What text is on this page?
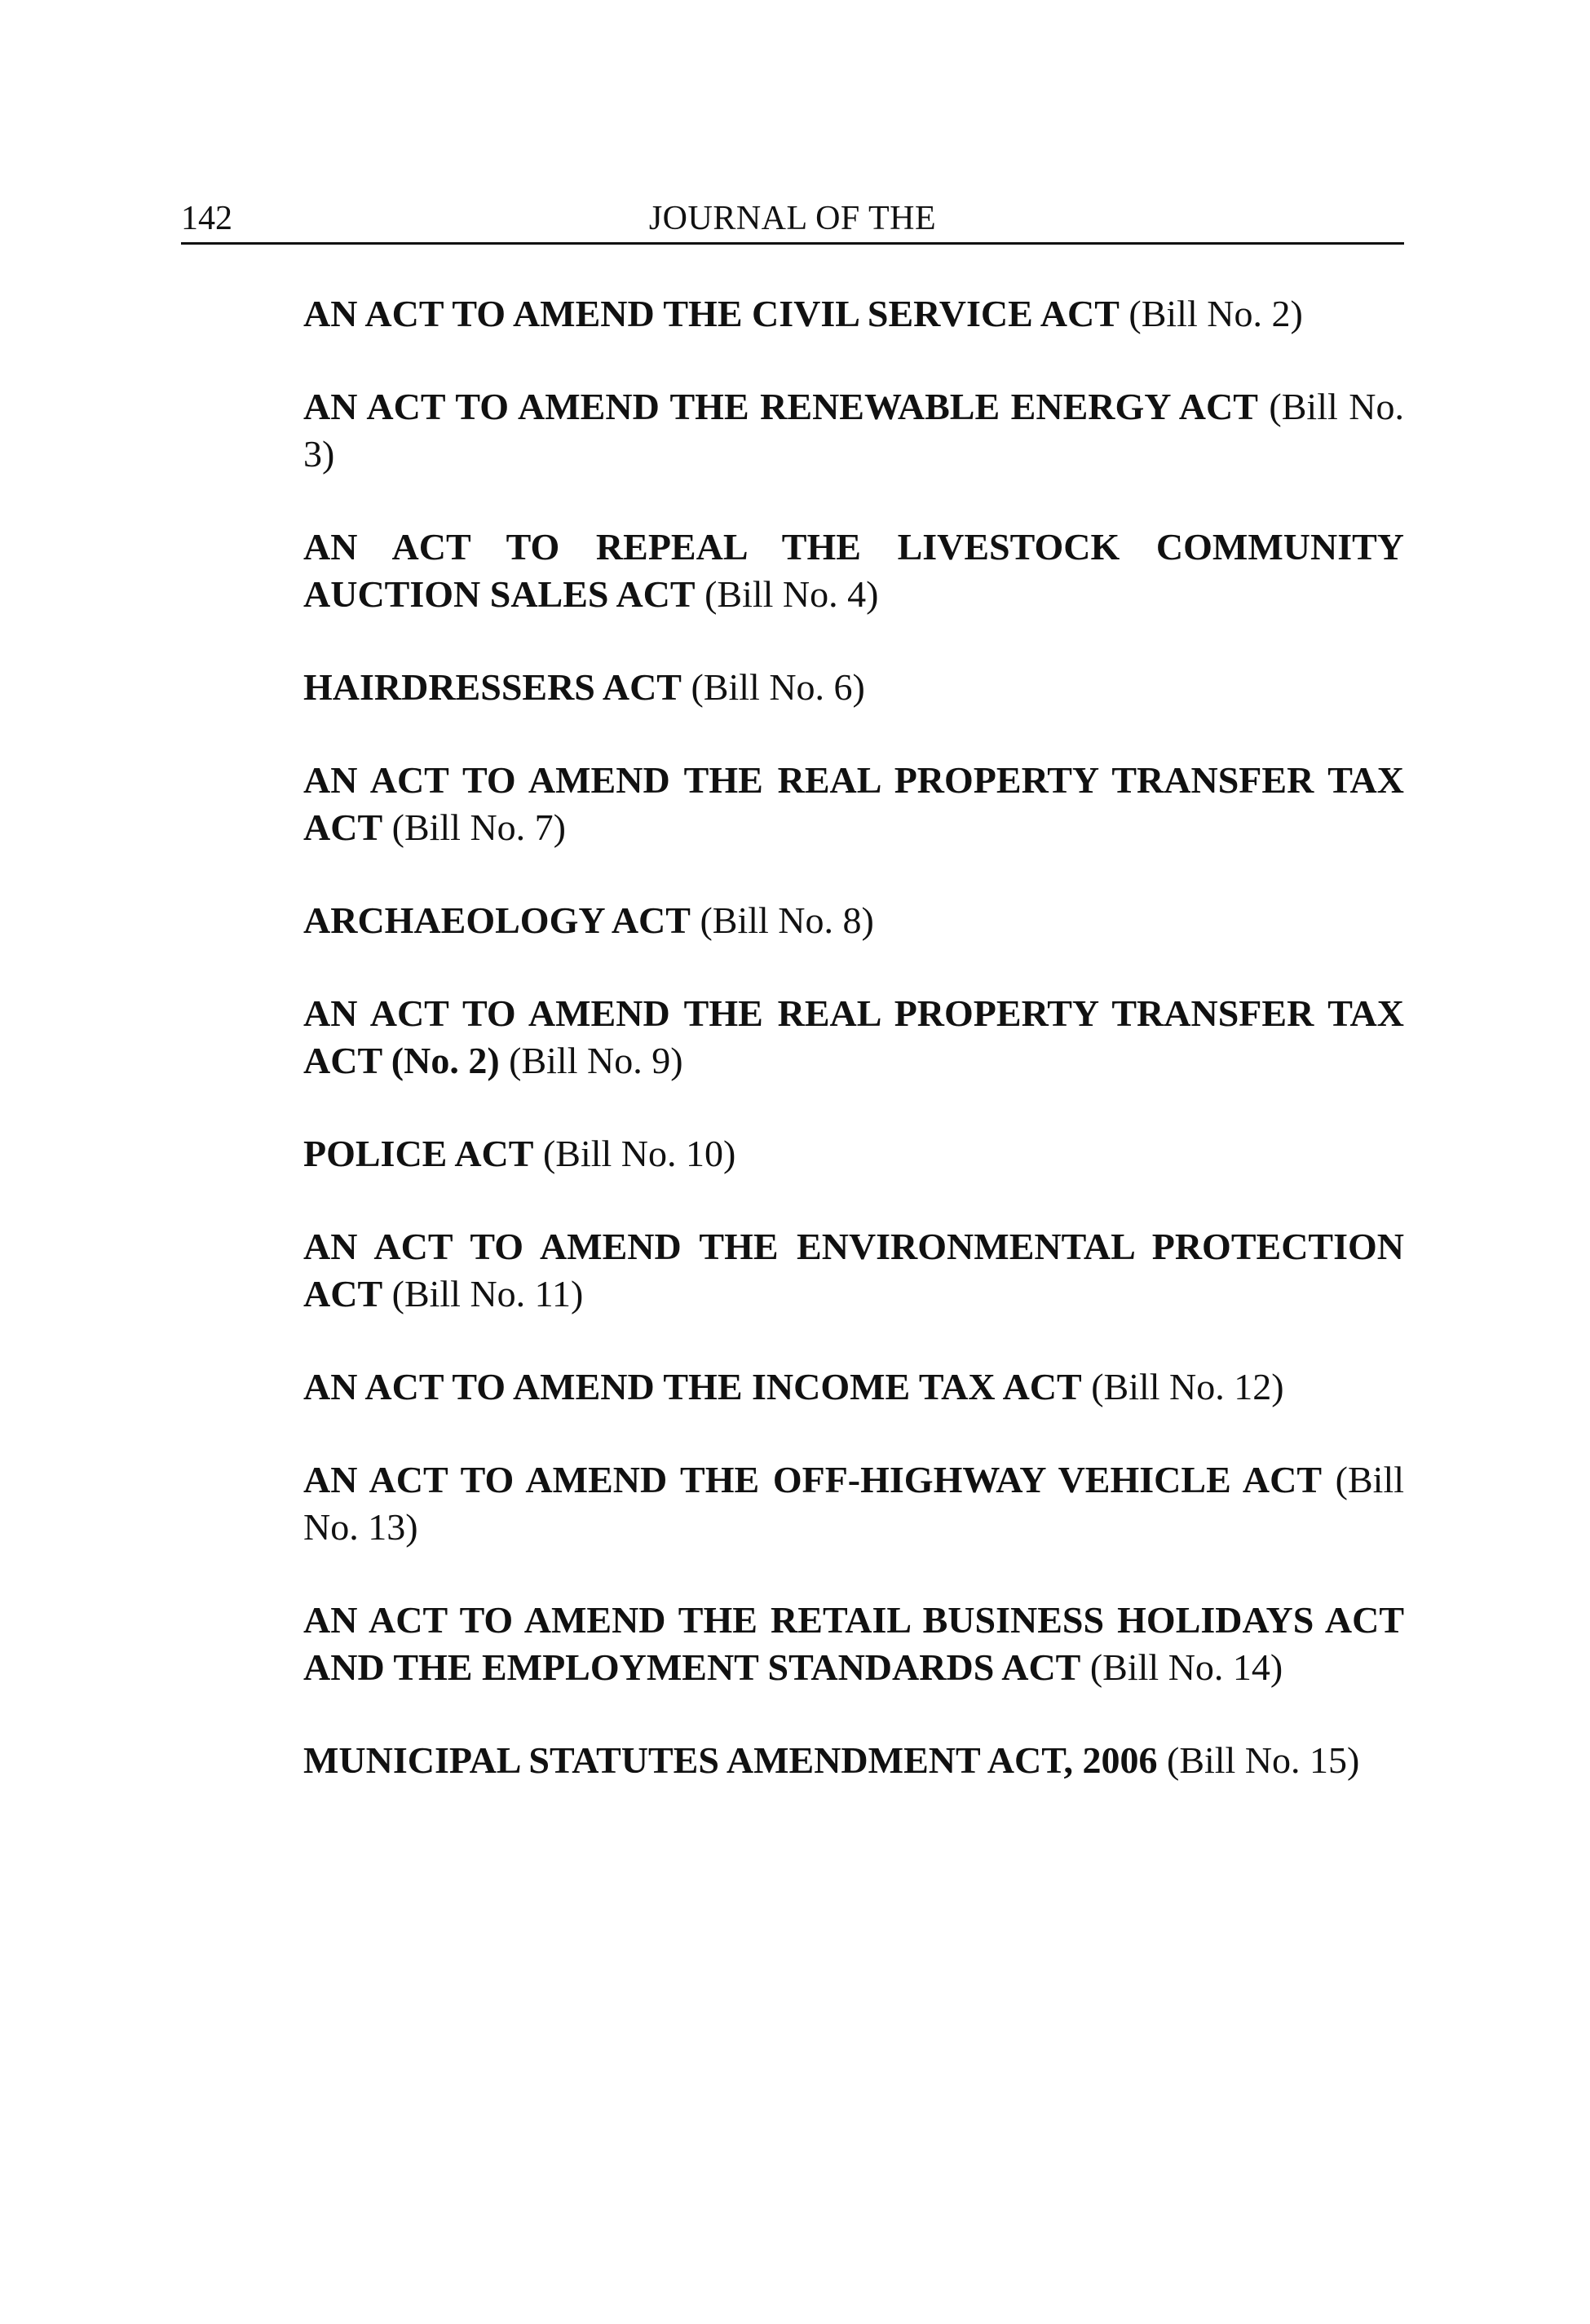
142	JOURNAL OF THE
AN ACT TO AMEND THE CIVIL SERVICE ACT (Bill No. 2)
AN ACT TO AMEND THE RENEWABLE ENERGY ACT (Bill No. 3)
AN ACT TO REPEAL THE LIVESTOCK COMMUNITY AUCTION SALES ACT (Bill No. 4)
HAIRDRESSERS ACT (Bill No. 6)
AN ACT TO AMEND THE REAL PROPERTY TRANSFER TAX ACT (Bill No. 7)
ARCHAEOLOGY ACT (Bill No. 8)
AN ACT TO AMEND THE REAL PROPERTY TRANSFER TAX ACT (No. 2) (Bill No. 9)
POLICE ACT (Bill No. 10)
AN ACT TO AMEND THE ENVIRONMENTAL PROTECTION ACT (Bill No. 11)
AN ACT TO AMEND THE INCOME TAX ACT (Bill No. 12)
AN ACT TO AMEND THE OFF-HIGHWAY VEHICLE ACT (Bill No. 13)
AN ACT TO AMEND THE RETAIL BUSINESS HOLIDAYS ACT AND THE EMPLOYMENT STANDARDS ACT (Bill No. 14)
MUNICIPAL STATUTES AMENDMENT ACT, 2006 (Bill No. 15)
